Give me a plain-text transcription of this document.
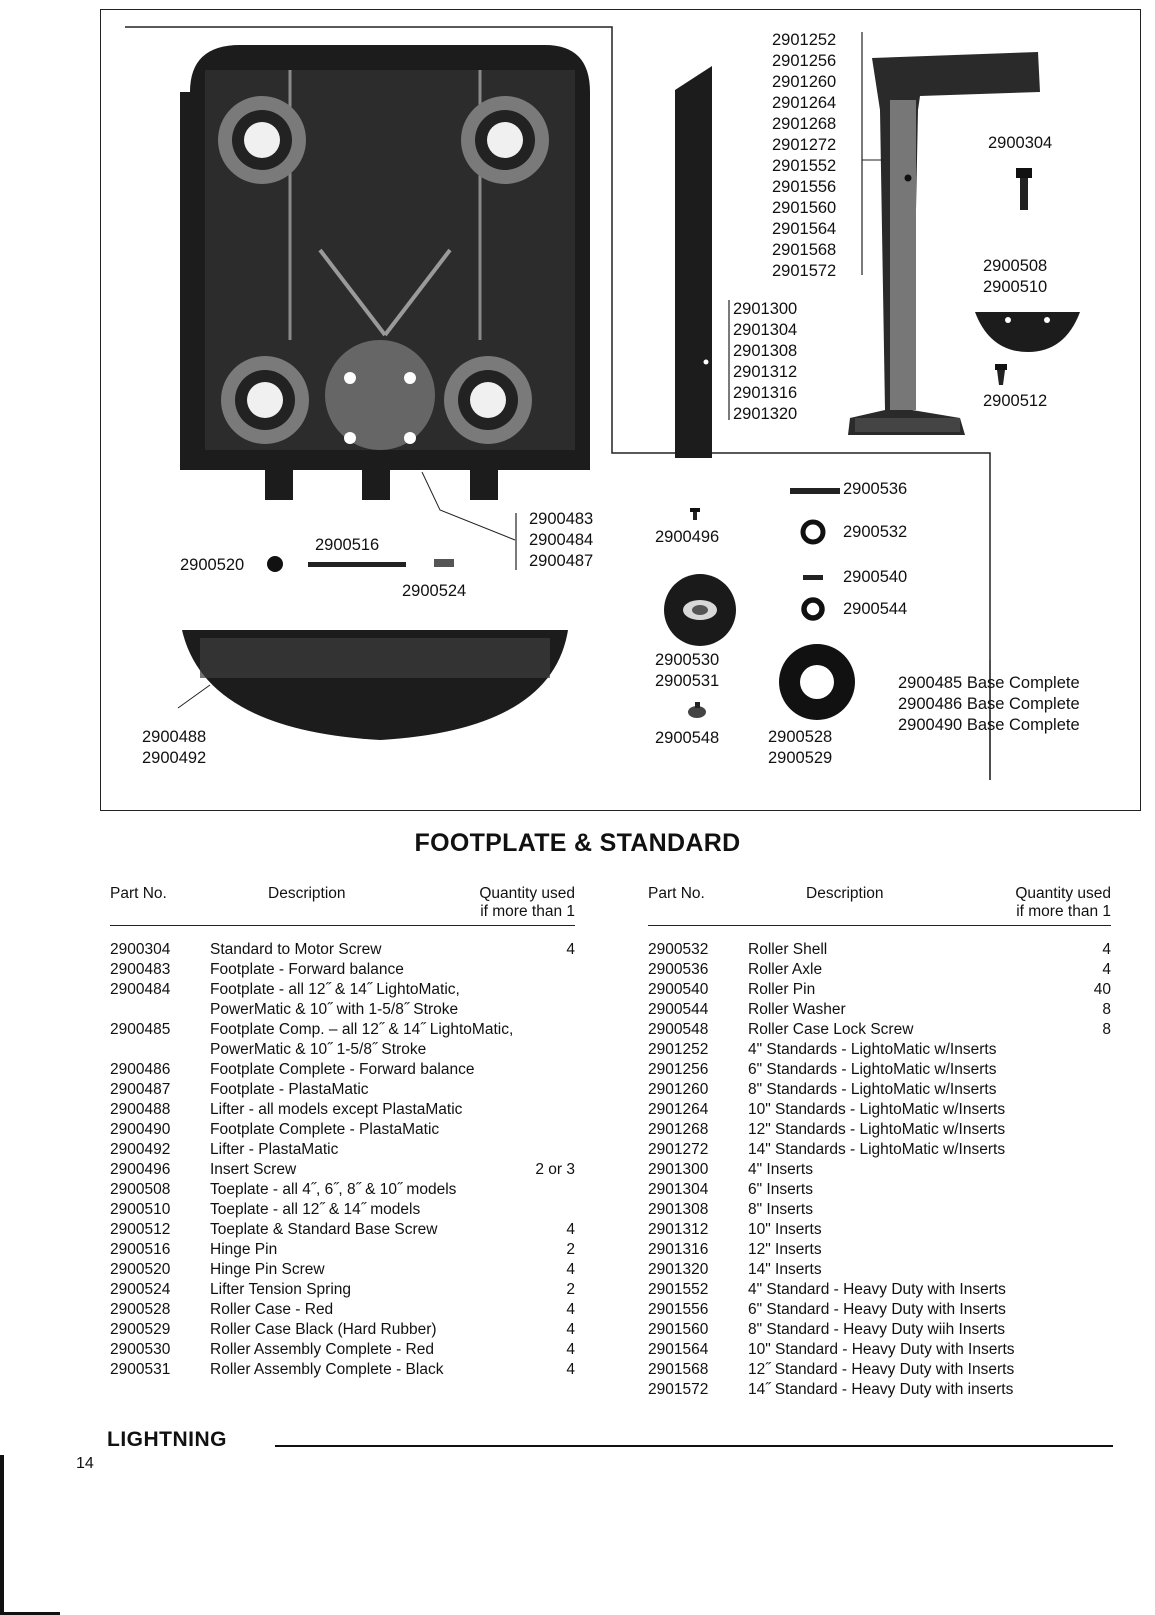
2901252
2901256
2901260
2901264
2901268
2901272
2901552
2901556
2901560
2901564
2901568
2901572
2901300
2901304
2901308
2901312
2901316
2901320
2900304
2900508
2900510
2900512
2900483
2900484
2900487
2900516
2900520
2900524
2900496
2900536
2900532
2900540
2900544
2900530
2900531
2900548	2900528
2900529
2900488
2900492
2900485 Base Complete
2900486 Base Complete
2900490 Base Complete
FOOTPLATE & STANDARD
Part No.	Description	Quantity used
if more than 1
2900304	Standard to Motor Screw	4
2900483	Footplate - Forward balance
2900484	Footplate - all 12˝ & 14˝ LightoMatic,
PowerMatic & 10˝ with 1-5/8˝ Stroke
2900485	Footplate Comp. – all 12˝ & 14˝ LightoMatic,
PowerMatic & 10˝ 1-5/8˝ Stroke
2900486	Footplate Complete - Forward balance
2900487	Footplate - PlastaMatic
2900488	Lifter - all models except PlastaMatic
2900490	Footplate Complete - PlastaMatic
2900492	Lifter - PlastaMatic
2900496	Insert Screw	2 or 3
2900508	Toeplate - all 4˝, 6˝, 8˝ & 10˝ models
2900510	Toeplate - all 12˝ & 14˝ models
2900512	Toeplate & Standard Base Screw	4
2900516	Hinge Pin	2
2900520	Hinge Pin Screw	4
2900524	Lifter Tension Spring	2
2900528	Roller Case - Red	4
2900529	Roller Case Black (Hard Rubber)	4
2900530	Roller Assembly Complete - Red	4
2900531	Roller Assembly Complete - Black	4
Part No.	Description	Quantity used
if more than 1
2900532	Roller Shell	4
2900536	Roller Axle	4
2900540	Roller Pin	40
2900544	Roller Washer	8
2900548	Roller Case Lock Screw	8
2901252	4" Standards - LightoMatic w/Inserts
2901256	6" Standards - LightoMatic w/Inserts
2901260	8" Standards - LightoMatic w/Inserts
2901264	10" Standards - LightoMatic w/Inserts
2901268	12" Standards - LightoMatic w/Inserts
2901272	14" Standards - LightoMatic w/Inserts
2901300	4" Inserts
2901304	6" Inserts
2901308	8" Inserts
2901312	10" Inserts
2901316	12" Inserts
2901320	14" Inserts
2901552	4" Standard - Heavy Duty with Inserts
2901556	6" Standard - Heavy Duty with Inserts
2901560	8" Standard - Heavy Duty wiih Inserts
2901564	10" Standard - Heavy Duty with Inserts
2901568	12˝ Standard - Heavy Duty with Inserts
2901572	14˝ Standard - Heavy Duty with inserts
LIGHTNING
14
